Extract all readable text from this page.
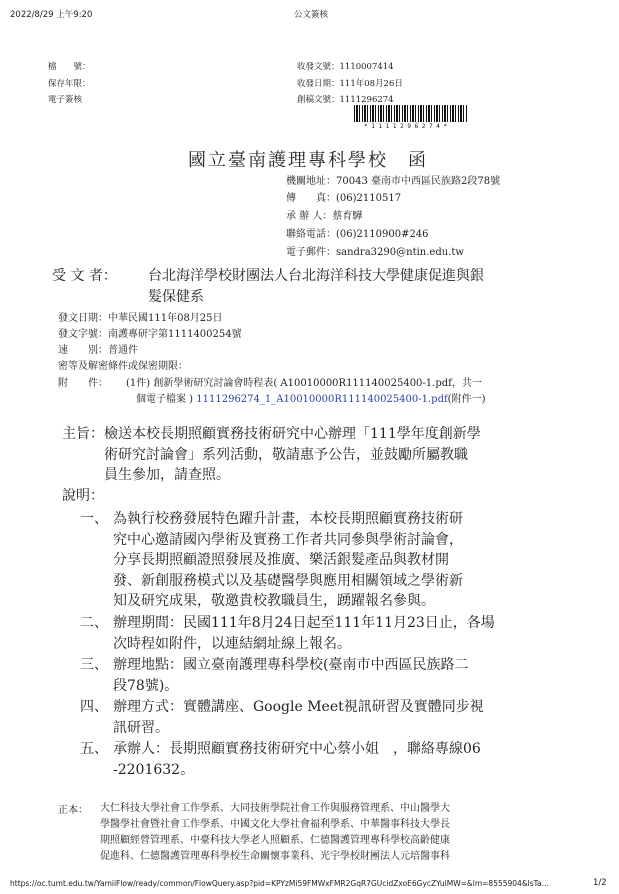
2022/8/29 上午9:20	公文簽核
檔　　號：
保存年限：
電子簽核
收發文號：1110007414
收發日期：111年08月26日
創稿文號：1111296274
* 1 1 1 1 2 9 6 2 7 4 *
國立臺南護理專科學校　函
機關地址：70043 臺南市中西區民族路2段78號
傳　　真：(06)2110517
承 辦 人：蔡育驊
聯絡電話：(06)2110900#246
電子郵件：sandra3290@ntin.edu.tw
受 文 者： 台北海洋學校財團法人台北海洋科技大學健康促進與銀
髮保健系
發文日期：中華民國111年08月25日
發文字號：南護專研字第1111400254號
速　　別：普通件
密等及解密條件或保密期限：
附　　件： (1件) 創新學術研究討論會時程表( A10010000R111140025400-1.pdf，共一
個電子檔案 ) 1111296274_1_A10010000R111140025400-1.pdf(附件一)
主旨： 檢送本校長期照顧實務技術研究中心辦理「111學年度創新學
術研究討論會」系列活動，敬請惠予公告，並鼓勵所屬教職
員生參加，請查照。
說明：
一、 為執行校務發展特色躍升計畫，本校長期照顧實務技術研
究中心邀請國內學術及實務工作者共同參與學術討論會，
分享長期照顧證照發展及推廣、樂活銀髮產品與教材開
發、新創服務模式以及基礎醫學與應用相關領域之學術新
知及研究成果，敬邀貴校教職員生，踴躍報名參與。
二、 辦理期間：民國111年8月24日起至111年11月23日止，各場
次時程如附件，以連結網址線上報名。
三、 辦理地點：國立臺南護理專科學校(臺南市中西區民族路二
段78號)。
四、 辦理方式：實體講座、Google Meet視訊研習及實體同步視
訊研習。
五、 承辦人：長期照顧實務技術研究中心蔡小姐　，聯絡專線06
-2201632。
正本： 大仁科技大學社會工作學系、大同技術學院社會工作與服務管理系、中山醫學大
學醫學社會暨社會工作學系、中國文化大學社會福利學系、中華醫事科技大學長
期照顧經營管理系、中臺科技大學老人照顧系、仁德醫護管理專科學校高齡健康
促進科、仁德醫護管理專科學校生命關懷事業科、光宇學校財團法人元培醫事科
https://oc.tumt.edu.tw/YamiiFlow/ready/common/FlowQuery.asp?pid=KPYzMi59FMWxFMR2GqR7GUcidZxoE6GycZYulMW=&lm=8555904&lsTa…	1/2
